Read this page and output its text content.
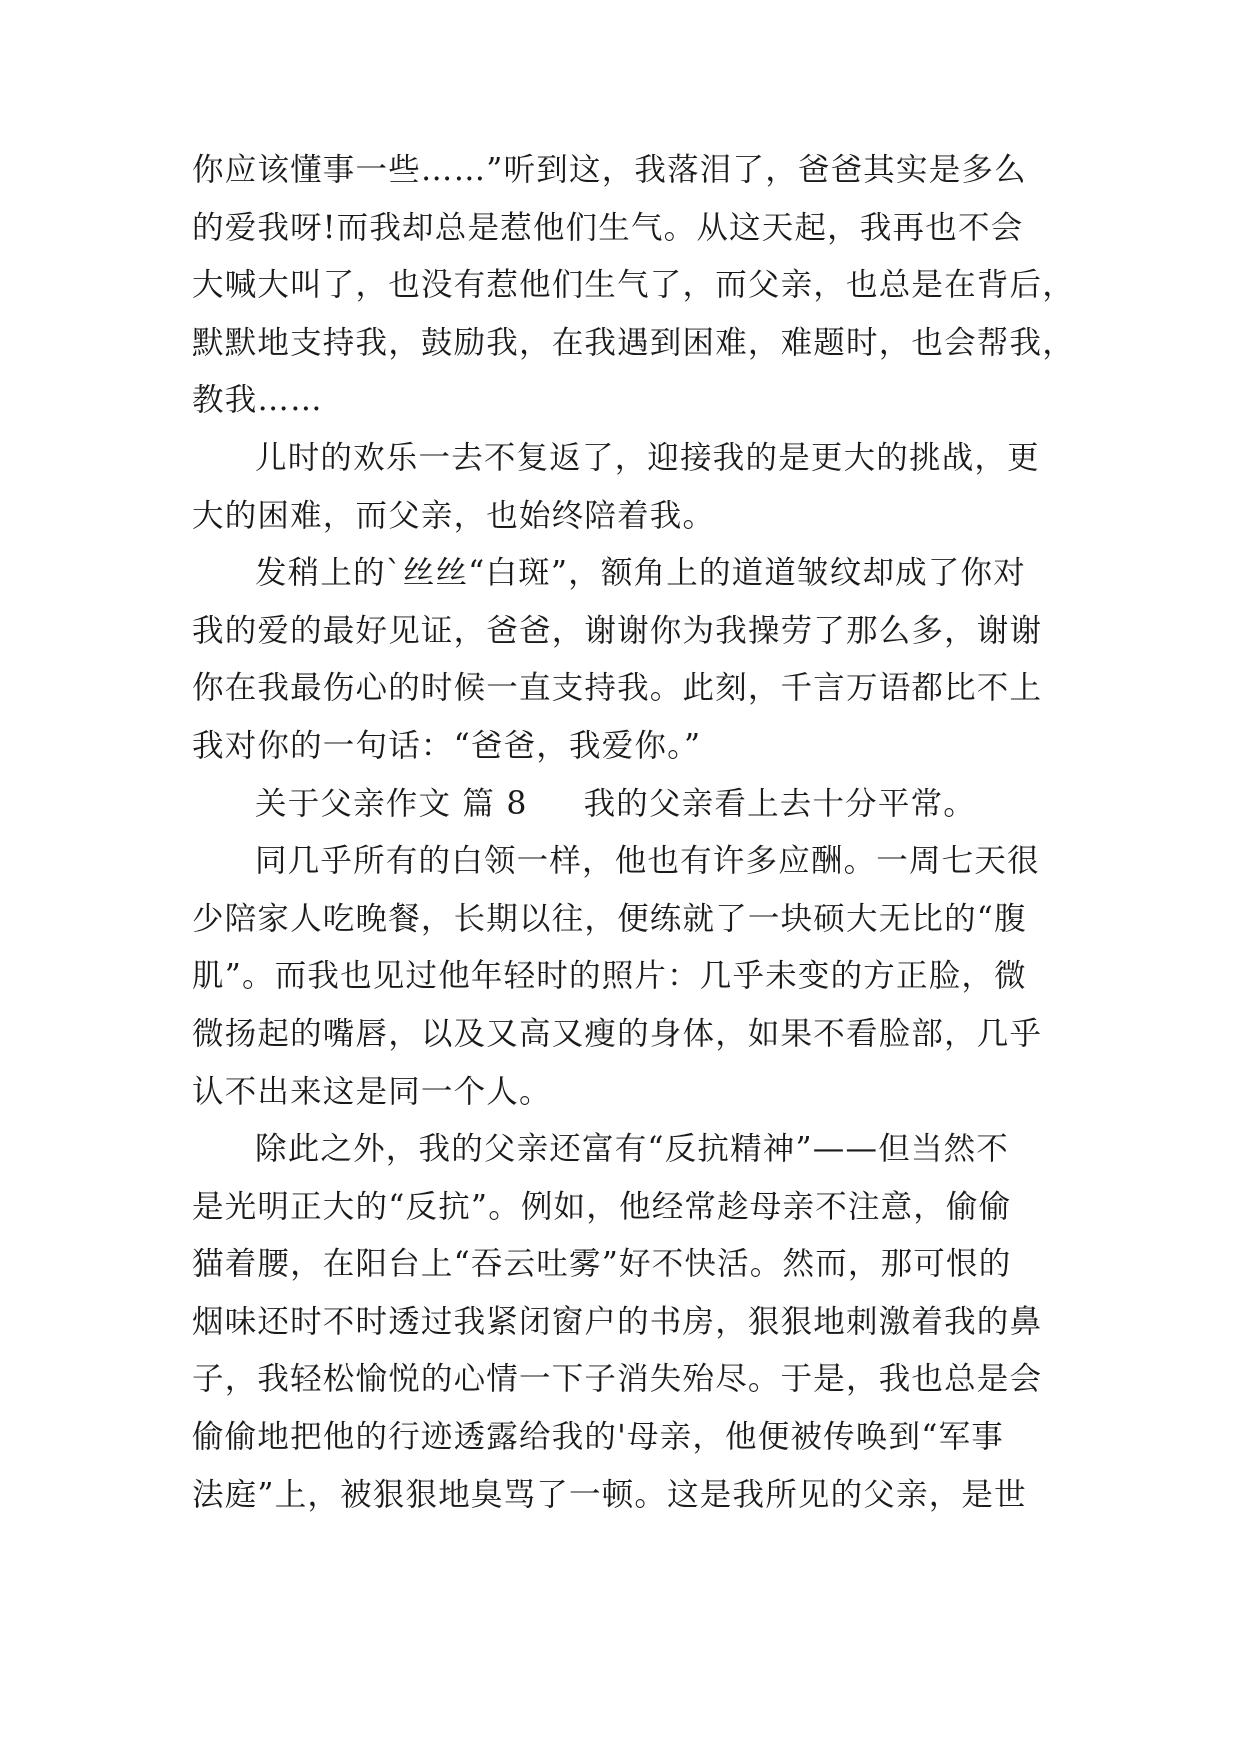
你应该懂事一些……”听到这，我落泪了，爸爸其实是多么
的爱我呀!而我却总是惹他们生气。从这天起，我再也不会
大喊大叫了，也没有惹他们生气了，而父亲，也总是在背后，
默默地支持我，鼓励我，在我遇到困难，难题时，也会帮我，
教我……
儿时的欢乐一去不复返了，迎接我的是更大的挑战，更
大的困难，而父亲，也始终陪着我。
发稍上的`丝丝“白斑”，额角上的道道皱纹却成了你对
我的爱的最好见证，爸爸，谢谢你为我操劳了那么多，谢谢
你在我最伤心的时候一直支持我。此刻，千言万语都比不上
我对你的一句话：“爸爸，我爱你。”
关于父亲作文 篇 8 我的父亲看上去十分平常。
同几乎所有的白领一样，他也有许多应酬。一周七天很
少陪家人吃晚餐，长期以往，便练就了一块硕大无比的“腹
肌”。而我也见过他年轻时的照片：几乎未变的方正脸，微
微扬起的嘴唇，以及又高又瘦的身体，如果不看脸部，几乎
认不出来这是同一个人。
除此之外，我的父亲还富有“反抗精神”——但当然不
是光明正大的“反抗”。例如，他经常趁母亲不注意，偷偷
猫着腰，在阳台上“吞云吐雾”好不快活。然而，那可恨的
烟味还时不时透过我紧闭窗户的书房，狠狠地刺激着我的鼻
子，我轻松愉悦的心情一下子消失殆尽。于是，我也总是会
偷偷地把他的行迹透露给我的'母亲，他便被传唤到“军事
法庭”上，被狠狠地臭骂了一顿。这是我所见的父亲，是世
